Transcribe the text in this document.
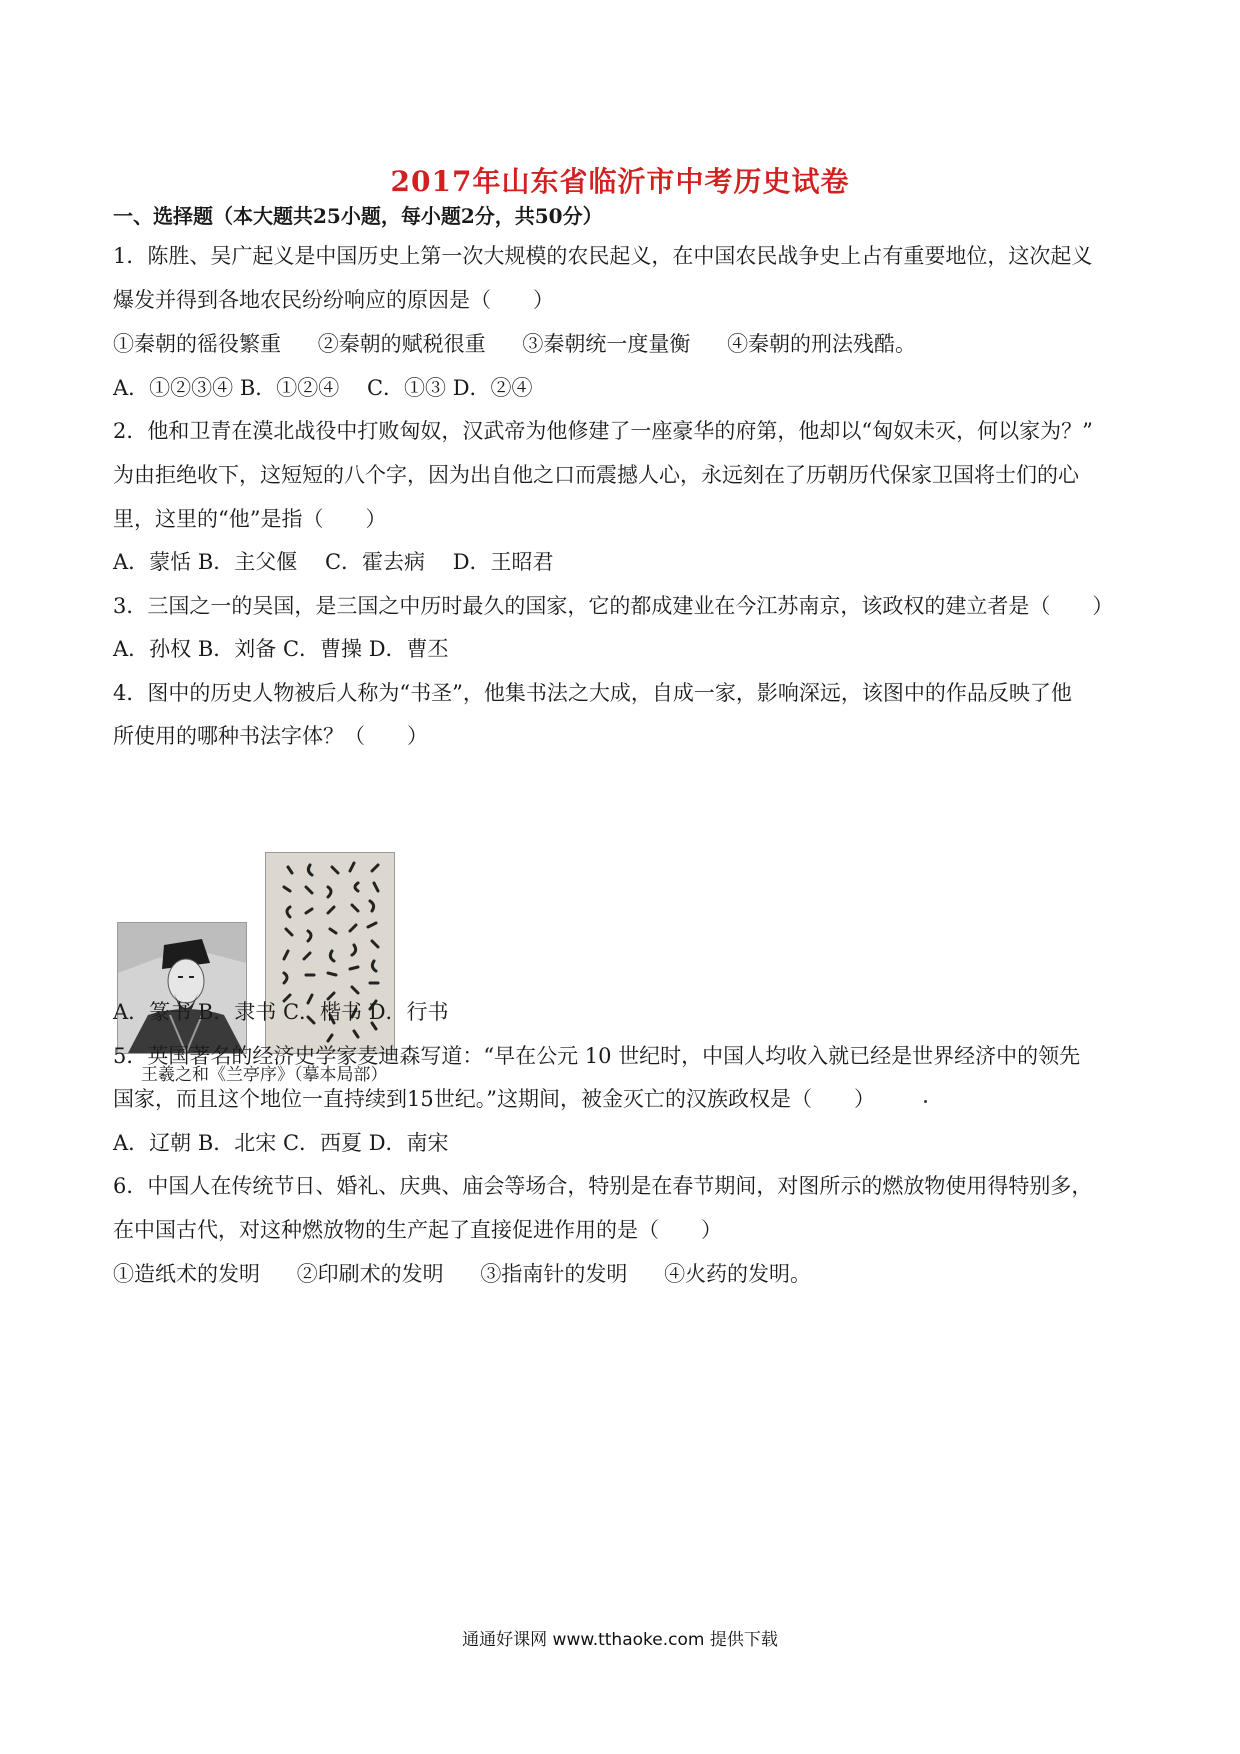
2017年山东省临沂市中考历史试卷
一、选择题（本大题共25小题，每小题2分，共50分）
1．陈胜、吴广起义是中国历史上第一次大规模的农民起义，在中国农民战争史上占有重要地位，这次起义
爆发并得到各地农民纷纷响应的原因是（　　）
①秦朝的徭役繁重 ②秦朝的赋税很重 ③秦朝统一度量衡 ④秦朝的刑法残酷。
A．①②③④ B．①②④　 C．①③ D．②④
2．他和卫青在漠北战役中打败匈奴，汉武帝为他修建了一座豪华的府第，他却以“匈奴未灭，何以家为？”
为由拒绝收下，这短短的八个字，因为出自他之口而震撼人心，永远刻在了历朝历代保家卫国将士们的心
里，这里的“他”是指（　　）
A．蒙恬 B．主父偃　 C．霍去病　 D．王昭君
3．三国之一的吴国，是三国之中历时最久的国家，它的都成建业在今江苏南京，该政权的建立者是（　　）
A．孙权 B．刘备 C．曹操 D．曹丕
4．图中的历史人物被后人称为“书圣”，他集书法之大成，自成一家，影响深远，该图中的作品反映了他
所使用的哪种书法字体？（　　）
王羲之和《兰亭序》（摹本局部）
A．篆书 B．隶书 C．楷书 D．行书
5．英国著名的经济史学家麦迪森写道：“早在公元 10 世纪时，中国人均收入就已经是世界经济中的领先
国家，而且这个地位一直持续到15世纪。”这期间，被金灭亡的汉族政权是（　　）
A．辽朝 B．北宋 C．西夏 D．南宋
6．中国人在传统节日、婚礼、庆典、庙会等场合，特别是在春节期间，对图所示的燃放物使用得特别多，
在中国古代，对这种燃放物的生产起了直接促进作用的是（　　）
①造纸术的发明 ②印刷术的发明 ③指南针的发明 ④火药的发明。
通通好课网 www.tthaoke.com 提供下载
